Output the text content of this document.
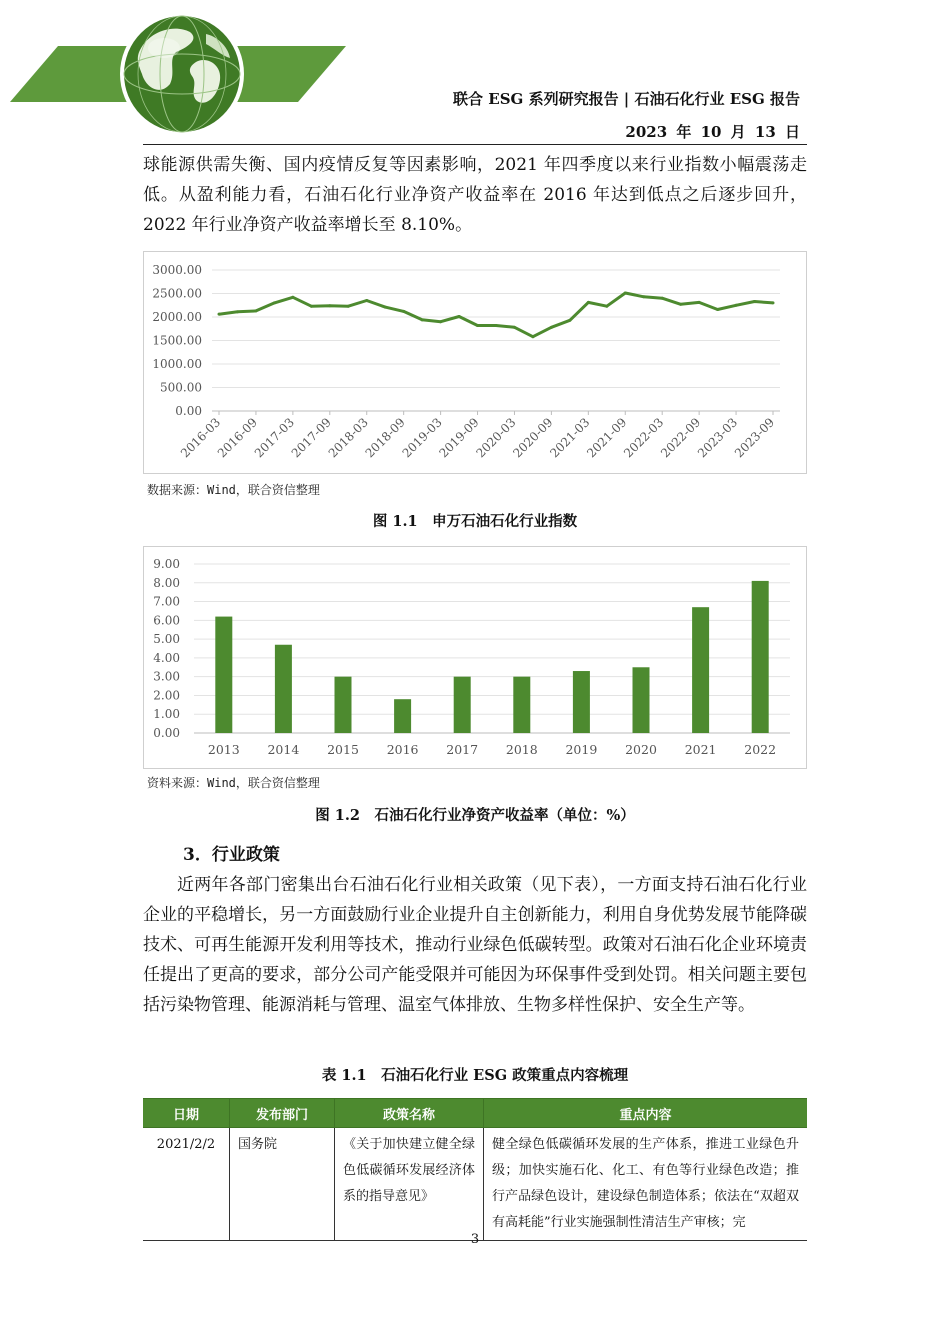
联合 ESG 系列研究报告 | 石油石化行业 ESG 报告
2023 年 10 月 13 日
球能源供需失衡、国内疫情反复等因素影响，2021 年四季度以来行业指数小幅震荡走低。从盈利能力看，石油石化行业净资产收益率在 2016 年达到低点之后逐步回升，2022 年行业净资产收益率增长至 8.10%。
3000.00
2500.00
2000.00
1500.00
1000.00
500.00
0.00
2016-03
2016-09
2017-03
2017-09
2018-03
2018-09
2019-03
2019-09
2020-03
2020-09
2021-03
2021-09
2022-03
2022-09
2023-03
2023-09
数据来源：Wind，联合资信整理
图 1.1　申万石油石化行业指数
9.00
8.00
7.00
6.00
5.00
4.00
3.00
2.00
1.00
0.00
2013 2014 2015 2016 2017 2018 2019 2020 2021 2022
资料来源：Wind，联合资信整理
图 1.2　石油石化行业净资产收益率（单位：%）
3．行业政策
近两年各部门密集出台石油石化行业相关政策（见下表），一方面支持石油石化行业企业的平稳增长，另一方面鼓励行业企业提升自主创新能力，利用自身优势发展节能降碳技术、可再生能源开发利用等技术，推动行业绿色低碳转型。政策对石油石化企业环境责任提出了更高的要求，部分公司产能受限并可能因为环保事件受到处罚。相关问题主要包括污染物管理、能源消耗与管理、温室气体排放、生物多样性保护、安全生产等。
表 1.1　石油石化行业 ESG 政策重点内容梳理
日期	发布部门	政策名称	重点内容
2021/2/2	国务院	《关于加快建立健全绿色低碳循环发展经济体系的指导意见》	健全绿色低碳循环发展的生产体系，推进工业绿色升级；加快实施石化、化工、有色等行业绿色改造；推行产品绿色设计，建设绿色制造体系；依法在“双超双有高耗能”行业实施强制性清洁生产审核；完
3
